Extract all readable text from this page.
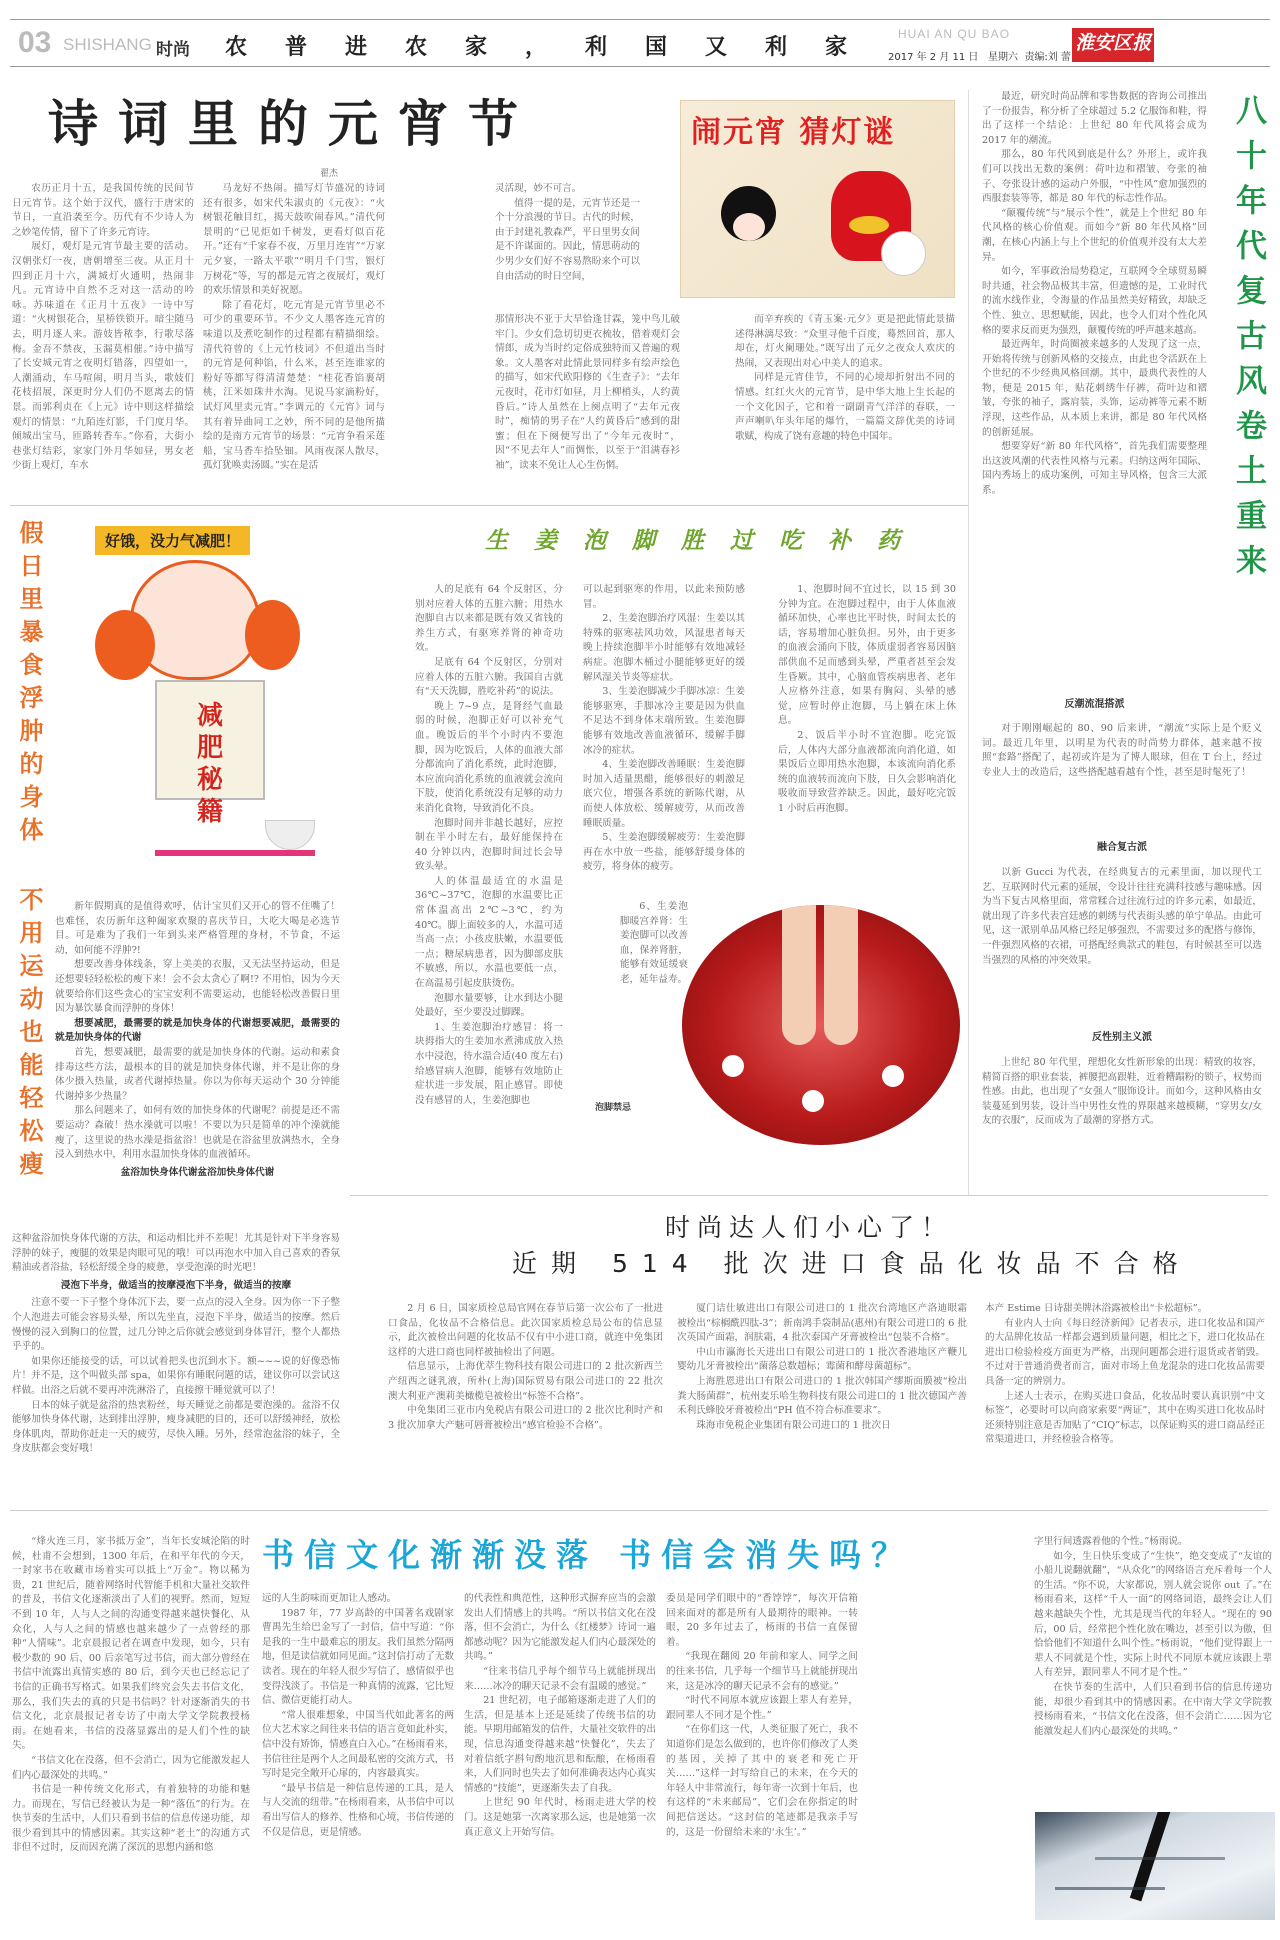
03 SHISHANG 时尚 农普进农家，利国又利家 HUAI AN QU BAO
2017 年 2 月 11 日 星期六 责编:刘 蕾
淮安区报
诗词里的元宵节
翟杰
闹元宵 猜灯谜

农历正月十五，是我国传统的民间节日元宵节。这个始于汉代，盛行于唐宋的节日，一直沿袭至今。历代有不少诗人为之妙笔传情，留下了许多元宵诗。

展灯，观灯是元宵节最主要的活动。汉朝张灯一夜，唐朝增至三夜。从正月十四到正月十六，满城灯火通明，热闹非凡。元宵诗中自然不乏对这一活动的吟咏。苏味道在《正月十五夜》一诗中写道：“火树银花合，星桥铁锁开。暗尘随马去，明月逐人来。游妓皆秾李，行歌尽落梅。金吾不禁夜，玉漏莫相催。”诗中描写了长安城元宵之夜明灯错落，四望如一，人潮涌动，车马喧闹，明月当头，歌妓们花枝招展，深更时分人们仍不愿离去的情景。而郭利贞在《上元》诗中则这样描绘观灯的情景：“九陌连灯影，千门度月华。倾城出宝马，匝路转香车。”你看，大街小巷张灯结彩，家家门外月华如昼，男女老少街上观灯，车水

马龙好不热闹。描写灯节盛况的诗词还有很多，如宋代朱淑贞的《元夜》：“火树银花触目红，揭天鼓吹闹春风。”清代何景明的“已见炬如千树发，更看灯似百花开。”还有“千家春不夜，万里月连宵”“万家元夕宴，一路太平歌”“明月千门雪，银灯万树花”等，写的都是元宵之夜展灯，观灯的欢乐情景和美好祝愿。

除了看花灯，吃元宵是元宵节里必不可少的重要环节。不少文人墨客连元宵的味道以及煮吃制作的过程都有精描细绘。清代符曾的《上元竹枝词》不但道出当时的元宵是何种馅，什么米，甚至连谁家的粉好等都写得清清楚楚：“桂花香馅裹胡桃，江米如珠井水淘。见说马家滴粉好，试灯风里卖元宵。”李调元的《元宵》词与其有着异曲同工之妙，所不同的是他所描绘的是南方元宵节的场景：“元宵争看采莲船，宝马香车拾坠钿。风雨夜深人散尽，孤灯犹唤卖汤圆。”实在是活

灵活现，妙不可言。

值得一提的是，元宵节还是一个十分浪漫的节日。古代的时候，由于封建礼教森严，平日里男女间是不许谋面的。因此，情思萌动的少男少女们好不容易熬盼来个可以自由活动的时日空间，

那情形决不亚于大旱恰逢甘霖，笼中鸟儿破牢门。少女们急切切更衣梳妆，借着观灯会情郎，成为当时约定俗成独特而又普遍的观象。文人墨客对此情此景同样多有绘声绘色的描写，如宋代欧阳修的《生查子》：“去年元夜时，花市灯如昼，月上柳梢头，人约黄昏后。”诗人虽然在上阕点明了“去年元夜时”，痴情的男子在“人约黄昏后”感到的甜蜜；但在下阕便写出了“今年元夜时”，因“不见去年人”而惆怅，以至于“泪满春衫袖”，读来不免让人心生伤惘。

而辛弃疾的《青玉案·元夕》更是把此情此景描述得淋漓尽致：“众里寻他千百度，蓦然回首，那人却在，灯火阑珊处。”既写出了元夕之夜众人欢庆的热闹，又表现出对心中美人的追求。

同样是元宵佳节，不同的心境却折射出不同的情感。红红火火的元宵节，是中华大地上生长起的一个文化因子，它和着一副副青气洋洋的春联，一声声喇叭年头年尾的爆竹，一篇篇文辞优美的诗词歌赋，构成了饶有意趣的特色中国年。

最近，研究时尚品牌和零售数据的咨询公司推出了一份报告，称分析了全球超过 5.2 亿服饰和鞋，得出了这样一个结论：上世纪 80 年代风将会成为 2017 年的潮流。

那么，80 年代风到底是什么？外形上，或许我们可以找出无数的案例：荷叶边和褶皱、夸张的袖子、夸张设计感的运动户外服，“中性风”愈加强烈的西服套装等等，都是 80 年代的标志性作品。

“颠覆传统”与“展示个性”，就是上个世纪 80 年代风格的核心价值观。而如今“新 80 年代风格”回潮，在核心内涵上与上个世纪的价值观并没有太大差异。

如今，军事政治局势稳定，互联网令全球贸易瞬时共通，社会物品极其丰富，但遗憾的是，工业时代的流水线作业，令海量的作品虽然美好精致，却缺乏个性、独立、思想赋能，因此，也令人们对个性化风格的要求反而更为强烈，颠覆传统的呼声越来越高。

最近两年，时尚圈被来越多的人发现了这一点，开始将传统与创新风格的交接点，由此也令活跃在上个世纪的不少经典风格回潮。其中，最典代表性的人物，便是 2015 年，贴花刺绣牛仔裤，荷叶边和褶皱，夸张的袖子，露肩装，头饰，运动裤等元素不断浮现，这些作品，从本质上来讲，都是 80 年代风格的创新延展。

想要穿好“新 80 年代风格”，首先我们需要整理出这波风潮的代表性风格与元素。归纳这两年国际、国内秀场上的成功案例，可知主导风格，包含三大派系。	八十年代复古风卷土重来
反潮流混搭派

对于刚刚崛起的 80、90 后来讲，“潮流”实际上是个贬义词。最近几年里，以明星为代表的时尚势力群体，越来越不按照“套路”搭配了，起初或许是为了博人眼球，但在 T 台上，经过专业人士的改造后，这些搭配越看越有个性，甚至是时髦死了！

融合复古派

以新 Gucci 为代表，在经典复古的元素里面，加以现代工艺、互联网时代元素的延展，令设计往往充满科技感与趣味感。因为当下复古风格里面，常常糅合过往流行过的许多元素，如最近，就出现了许多代表宫廷感的刺绣与代表街头感的单宁单品。由此可见，这一派别单品风格已经足够强烈，不需要过多的配搭与修饰，一件强烈风格的衣裙，可搭配经典款式的鞋包，有时候甚至可以选当强烈的风格的冲突效果。

反性别主义派

上世纪 80 年代里，理想化女性新形象的出现：精致的妆容，精简百搭的职业套装，裤腰把高跟鞋，近着糟蹋粉的锁子，权势而性感。由此，也出现了“女强人”服饰设计。而如今，这种风格由女装蔓延到男装，设计当中男性女性的界限越来越模糊，“穿男女/女友的衣服”，反而成为了最潮的穿搭方式。

假日里暴食浮肿的身体 不用运动也能轻松瘦	好饿，没力气减肥！
减肥秘籍

新年假期真的是值得欢呼，估计宝贝们又开心的管不住嘴了！也难怪，农历新年这种阖家欢聚的喜庆节日，大吃大喝是必选节目。可是难为了我们一年到头来严格管理的身材，不节食，不运动，如何能不浮肿?!

想要改善身体线条，穿上美美的衣服，又无法坚持运动，但是还想要轻轻松松的瘦下来！会不会太贪心了啊!? 不用怕，因为今天就要给你们这些贪心的宝宝安利不需要运动，也能轻松改善假日里因为暴饮暴食而浮肿的身体！

想要减肥，最需要的就是加快身体的代谢想要减肥，最需要的就是加快身体的代谢

首先，想要减肥，最需要的就是加快身体的代谢。运动和素食排毒这些方法，最根本的目的就是加快身体代谢，并不是让你的身体少摄入热量，或者代谢掉热量。你以为你每天运动个 30 分钟能代谢掉多少热量？

那么问题来了，如何有效的加快身体的代谢呢？前提是还不需要运动？森破！热水澡就可以啦！不要以为只是简单的冲个澡就能瘦了，这里说的热水澡是指盆浴！也就是在浴盆里放满热水，全身浸入到热水中，利用水温加快身体的血液循环。

盆浴加快身体代谢盆浴加快身体代谢

这种盆浴加快身体代谢的方法，和运动相比并不差呢！尤其是针对下半身容易浮肿的妹子，瘦腿的效果是肉眼可见的哦！可以再泡水中加入自己喜欢的香氛精油或者浴盐，轻松舒缓全身的疲惫，享受泡澡的时光吧！

浸泡下半身，做适当的按摩浸泡下半身，做适当的按摩

注意不要一下子整个身体沉下去，要一点点的浸入全身。因为你一下子整个人泡进去可能会容易头晕，所以先坐直，浸泡下半身，做适当的按摩。然后慢慢的浸入到胸口的位置，过几分钟之后你就会感觉到身体冒汗，整个人都热乎乎的。

如果你还能接受的话，可以试着把头也沉到水下。额~~~说的好像恐怖片！并不是，这个叫做头部 spa，如果你有睡眠问题的话，建议你可以尝试这样做。出浴之后就不要再冲洗淋浴了，直接擦干睡觉就可以了！

日本的妹子就是盆浴的热衷粉丝，每天睡觉之前都是要泡澡的。盆浴不仅能够加快身体代谢，达到排出浮肿，瘦身减肥的目的，还可以舒缓神经，放松身体肌肉，帮助你赶走一天的疲劳，尽快入睡。另外，经常泡盆浴的妹子，全身皮肤都会变好哦！

生姜泡脚胜过吃补药

人的足底有 64 个反射区，分别对应着人体的五脏六腑；用热水泡脚自古以来都是既有效又省钱的养生方式，有驱寒养肾的神奇功效。

足底有 64 个反射区，分别对应着人体的五脏六腑。我国自古就有“天天洗脚，胜吃补药”的说法。

晚上 7~9 点，是肾经气血最弱的时候，泡脚正好可以补充气血。晚饭后的半个小时内不要泡脚，因为吃饭后，人体的血液大部分都流向了消化系统，此时泡脚，本应流向消化系统的血液就会流向下肢，使消化系统没有足够的动力来消化食物，导致消化不良。

泡脚时间并非越长越好，应控制在半小时左右，最好能保持在 40 分钟以内，泡脚时间过长会导致头晕。

人的体温最适宜的水温是 36℃~37℃，泡脚的水温要比正常体温高出 2℃~3℃，约为 40℃。脚上面较多的人，水温可适当高一点；小孩皮肤嫩，水温要低一点；糖尿病患者，因为脚部皮肤不敏感，所以，水温也要低一点，在高温易引起皮肤烫伤。

泡脚水量要够，让水到达小腿处最好，至少要没过脚踝。

1、生姜泡脚治疗感冒：将一块拇指大的生姜加水煮沸成放入热水中浸泡，待水温合适(40 度左右)给感冒病人泡脚，能够有效地防止症状进一步发展，阻止感冒。即使没有感冒的人，生姜泡脚也

可以起到驱寒的作用，以此来预防感冒。

2、生姜泡脚治疗风湿：生姜以其特殊的驱寒祛风功效，风湿患者每天晚上持续泡脚半小时能够有效地减轻病症。泡脚木桶过小腿能够更好的缓解风湿关节炎等症状。

3、生姜泡脚减少手脚冰凉：生姜能够驱寒，手脚冰冷主要是因为供血不足达不到身体末端所致。生姜泡脚能够有效地改善血液循环，缓解手脚冰冷的症状。

4、生姜泡脚改善睡眠：生姜泡脚时加入适量黑醋，能够很好的刺激足底穴位，增强各系统的新陈代谢，从而使人体放松、缓解疲劳，从而改善睡眠质量。

5、生姜泡脚缓解疲劳：生姜泡脚再在水中放一些盐，能够舒缓身体的疲劳，将身体的疲劳。

6、生姜泡脚暖宫养肾：生姜泡脚可以改善血，保养肾脏，能够有效延缓衰老，延年益寿。

泡脚禁忌

1、泡脚时间不宜过长，以 15 到 30 分钟为宜。在泡脚过程中，由于人体血液循环加快，心率也比平时快，时间太长的话，容易增加心脏负担。另外，由于更多的血液会涌向下肢，体质虚弱者容易因脑部供血不足而感到头晕，严重者甚至会发生昏厥。其中，心脑血管疾病患者、老年人应格外注意，如果有胸闷、头晕的感觉，应暂时停止泡脚，马上躺在床上休息。

2、饭后半小时不宜泡脚。吃完饭后，人体内大部分血液都流向消化道，如果饭后立即用热水泡脚，本该流向消化系统的血液转而流向下肢，日久会影响消化吸收而导致营养缺乏。因此，最好吃完饭 1 小时后再泡脚。

时尚达人们小心了！
近期 514 批次进口食品化妆品不合格

2 月 6 日，国家质检总局官网在春节后第一次公布了一批进口食品，化妆品不合格信息。此次国家质检总局公布的信息显示，此次被检出问题的化妆品不仅有中小进口商，就连中免集团这样的大进口商也同样被抽检出了问题。

信息显示，上海优萃生物科技有限公司进口的 2 批次新西兰产纽西之谜乳液，所朴(上海)国际贸易有限公司进口的 22 批次澳大利亚产澳莉美橄榄皂被检出“标签不合格”。

中免集团三亚市内免税店有限公司进口的 2 批次比利时产和 3 批次加拿大产魅可唇膏被检出“感官检验不合格”。

厦门诘仕敏进出口有限公司进口的 1 批次台湾地区产洛迪眼霜被检出“棕榈酰四肽-3”；新南鸿手袋制品(惠州)有限公司进口的 6 批次英国产面霜，润肤霜，4 批次泰国产牙膏被检出“包装不合格”。

中山市瀛海长天进出口有限公司进口的 1 批次香港地区产鞭儿婴幼儿牙膏被检出“菌落总数超标；霉菌和酵母菌超标”。

上海胜恩进出口有限公司进口的 1 批次韩国产缪斯面膜被“检出粪大肠菌群”，杭州麦乐哈生物科技有限公司进口的 1 批次德国产善禾利氏蜂胶牙膏被检出“PH 值不符合标准要求”。

珠海市免税企业集团有限公司进口的 1 批次日

本产 Estime 日诗甜美牌沐浴露被检出“卡松超标”。

有业内人士向《每日经济新闻》记者表示，进口化妆品和国产的大品牌化妆品一样都会遇到质量问题，相比之下，进口化妆品在进出口检验检疫方面更为严格，出现问题都会进行退货或者销毁。不过对于普通消费者而言，面对市场上鱼龙混杂的进口化妆品需要具备一定的辨别力。

上述人士表示，在购买进口食品，化妆品时要认真识别“中文标签”，必要时可以向商家索要“两证”，其中在购买进口化妆品时还须特别注意是否加贴了“CIQ”标志，以保证购买的进口商品经正常渠道进口，并经检验合格等。

书信文化渐渐没落 书信会消失吗？

“烽火连三月，家书抵万金”，当年长安城沦陷的时候，杜甫不会想到，1300 年后，在和平年代的今天，一封家书在收藏市场着实可以抵上“万金”。物以稀为贵，21 世纪后，随着网络时代智能手机和大量社交软件的普及，书信文化逐渐淡出了人们的视野。然而，短短不到 10 年，人与人之间的沟通变得越来越快餐化、从众化，人与人之间的情感也越来越少了一点曾经的那种“人情味”。北京晨报记者在调查中发现，如今，只有极少数的 90 后、00 后亲笔写过书信，而大部分曾经在书信中流露出真情实感的 80 后，到今天也已经忘记了书信的正确书写格式。如果我们终究会失去书信文化，那么，我们失去的真的只是书信吗？针对逐渐消失的书信文化，北京晨报记者专访了中南大学文学院教授杨雨。在她看来，书信的没落显露出的是人们个性的缺失。

“书信文化在没落，但不会消亡，因为它能激发起人们内心最深处的共鸣。”

书信是一种传统文化形式，有着独特的功能和魅力。而现在，写信已经被认为是一种“落伍”的行为。在快节奏的生活中，人们只看到书信的信息传递功能，却很少看到其中的情感因素。其实这种“老土”的沟通方式非但不过时，反而因充满了深沉的思想内涵和悠

远的人生韵味而更加让人感动。

1987 年，77 岁高龄的中国著名戏剧家曹禺先生给巴金写了一封信，信中写道：“你是我的一生中最难忘的朋友。我们虽然分隔两地，但是读信就如同见面。”这封信打动了无数读者。现在的年轻人很少写信了，感情似乎也变得浅淡了。书信是一种真情的流露，它比短信、微信更能打动人。

“常人很难想象，中国当代如此著名的两位大艺术家之间往来书信的语言竟如此朴实，信中没有矫饰，情感直白入心。”在杨雨看来，书信往往是两个人之间最私密的交流方式，书写时是完全敞开心扉的，内容最真实。

“最早书信是一种信息传递的工具，是人与人交流的纽带。”在杨雨看来，从书信中可以看出写信人的修养、性格和心境，书信传递的不仅是信息，更是情感。

的代表性和典范性，这种形式摒弃应当的会激发出人们情感上的共鸣。“所以书信文化在没落，但不会消亡，为什么《红楼梦》诗词一遍都感动呢？因为它能激发起人们内心最深处的共鸣。”

“往来书信几乎每个细节马上就能拼现出来……冰冷的聊天记录不会有温暖的感觉。”

21 世纪初，电子邮箱逐渐走进了人们的生活，但是基本上还是延续了传统书信的功能。早期用邮箱发的信件，大量社交软件的出现，信息沟通变得越来越“快餐化”，失去了对着信纸字斟句酌地沉思和酝酿，在杨雨看来，人们同时也失去了如何准确表达内心真实情感的“技能”，更逐渐失去了自我。

上世纪 90 年代时，杨雨走进大学的校门。这是她第一次离家那么远，也是她第一次真正意义上开始写信。

委员是同学们眼中的“香饽饽”，每次开信箱回来面对的都是所有人最期待的眼神。一转眼，20 多年过去了，杨雨的书信一直保留着。

“我现在翻阅 20 年前和家人、同学之间的往来书信，几乎每一个细节马上就能拼现出来，这是冰冷的聊天记录不会有的感觉。”

“时代不同原本就应该跟上辈人有差异，跟同辈人不同才是个性。”

“在你们这一代，人类征服了死亡，我不知道你们是怎么做到的，也许你们修改了人类的基因，关掉了其中的衰老和死亡开关……”这样一封写给自己的未来，在今天的年轻人中非常流行，每年寄一次到十年后，也有这样的“未来邮局”，它们会在你指定的时间把信送达。“这封信的笔迹都是我亲手写的，这是一份留给未来的‘永生’。”

字里行间透露着他的个性。”杨雨说。

如今，生日快乐变成了“生快”，绝交变成了“友谊的小船儿说翻就翻”，“从众化”的网络语言充斥着每一个人的生活。“你不说，大家都说，别人就会说你 out 了。”在杨雨看来，这样“千人一面”的网络词语，最终会让人们越来越缺失个性，尤其是现当代的年轻人。“现在的 90 后，00 后，经常把个性化放在嘴边，甚至引以为傲，但恰恰他们不知道什么叫个性。”杨雨说，“他们觉得跟上一辈人不同就是个性，实际上时代不同原本就应该跟上辈人有差异，跟同辈人不同才是个性。”

在快节奏的生活中，人们只看到书信的信息传递功能，却很少看到其中的情感因素。在中南大学文学院教授杨雨看来，“书信文化在没落，但不会消亡……因为它能激发起人们内心最深处的共鸣。”
